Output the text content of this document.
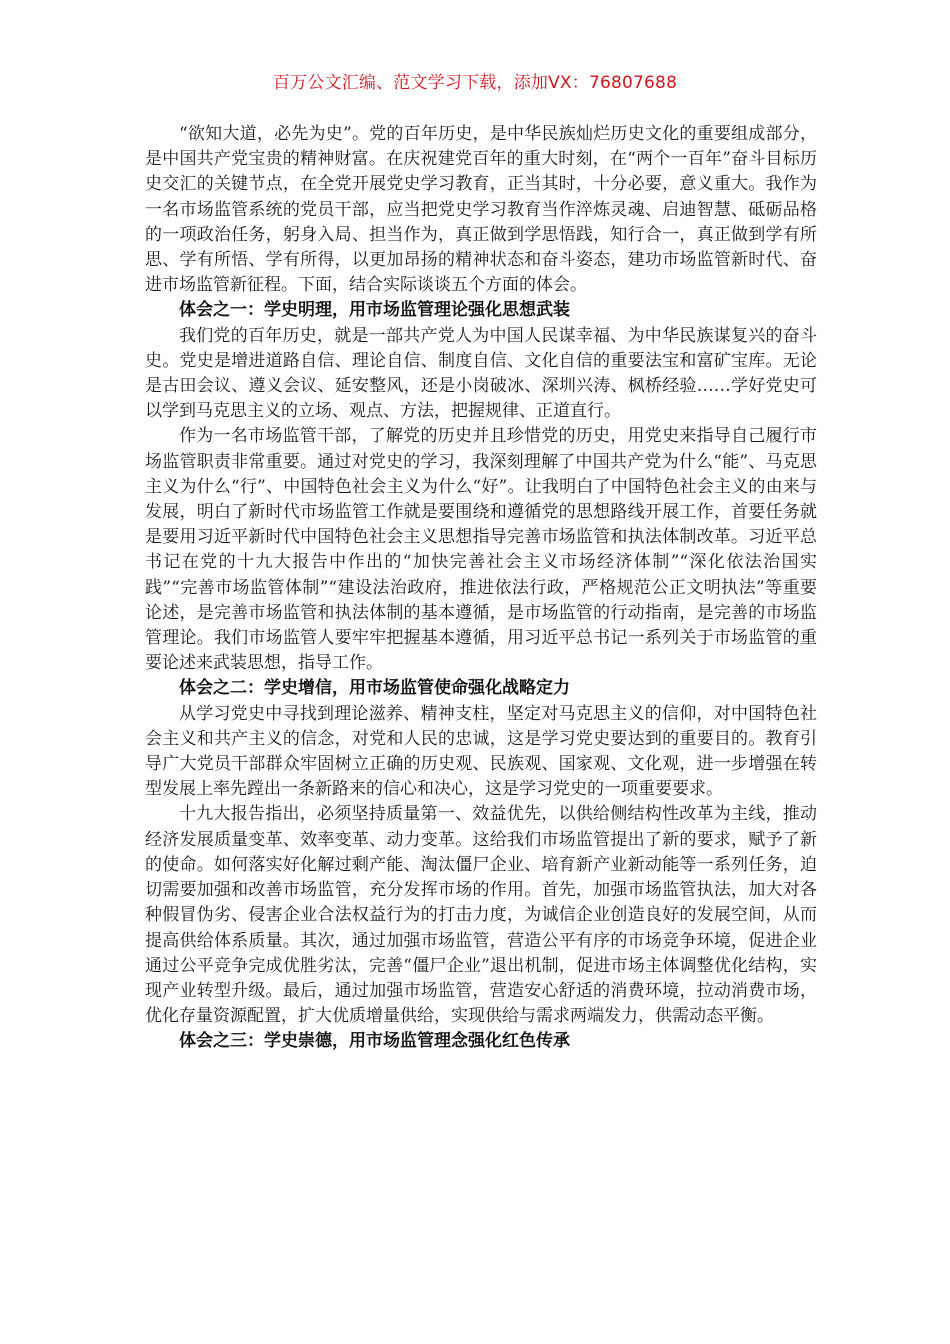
百万公文汇编、范文学习下载，添加VX：76807688

“欲知大道，必先为史”。党的百年历史，是中华民族灿烂历史文化的重要组成部分，是中国共产党宝贵的精神财富。在庆祝建党百年的重大时刻，在“两个一百年”奋斗目标历史交汇的关键节点，在全党开展党史学习教育，正当其时，十分必要，意义重大。我作为一名市场监管系统的党员干部，应当把党史学习教育当作淬炼灵魂、启迪智慧、砥砺品格的一项政治任务，躬身入局、担当作为，真正做到学思悟践，知行合一，真正做到学有所思、学有所悟、学有所得，以更加昂扬的精神状态和奋斗姿态，建功市场监管新时代、奋进市场监管新征程。下面，结合实际谈谈五个方面的体会。

体会之一：学史明理，用市场监管理论强化思想武装

我们党的百年历史，就是一部共产党人为中国人民谋幸福、为中华民族谋复兴的奋斗史。党史是增进道路自信、理论自信、制度自信、文化自信的重要法宝和富矿宝库。无论是古田会议、遵义会议、延安整风，还是小岗破冰、深圳兴涛、枫桥经验……学好党史可以学到马克思主义的立场、观点、方法，把握规律、正道直行。

作为一名市场监管干部，了解党的历史并且珍惜党的历史，用党史来指导自己履行市场监管职责非常重要。通过对党史的学习，我深刻理解了中国共产党为什么“能”、马克思主义为什么“行”、中国特色社会主义为什么“好”。让我明白了中国特色社会主义的由来与发展，明白了新时代市场监管工作就是要围绕和遵循党的思想路线开展工作，首要任务就是要用习近平新时代中国特色社会主义思想指导完善市场监管和执法体制改革。习近平总书记在党的十九大报告中作出的“加快完善社会主义市场经济体制”“深化依法治国实践”“完善市场监管体制”“建设法治政府，推进依法行政，严格规范公正文明执法”等重要论述，是完善市场监管和执法体制的基本遵循，是市场监管的行动指南，是完善的市场监管理论。我们市场监管人要牢牢把握基本遵循，用习近平总书记一系列关于市场监管的重要论述来武装思想，指导工作。

体会之二：学史增信，用市场监管使命强化战略定力

从学习党史中寻找到理论滋养、精神支柱，坚定对马克思主义的信仰，对中国特色社会主义和共产主义的信念，对党和人民的忠诚，这是学习党史要达到的重要目的。教育引导广大党员干部群众牢固树立正确的历史观、民族观、国家观、文化观，进一步增强在转型发展上率先蹚出一条新路来的信心和决心，这是学习党史的一项重要要求。

十九大报告指出，必须坚持质量第一、效益优先，以供给侧结构性改革为主线，推动经济发展质量变革、效率变革、动力变革。这给我们市场监管提出了新的要求，赋予了新的使命。如何落实好化解过剩产能、淘汰僵尸企业、培育新产业新动能等一系列任务，迫切需要加强和改善市场监管，充分发挥市场的作用。首先，加强市场监管执法，加大对各种假冒伪劣、侵害企业合法权益行为的打击力度，为诚信企业创造良好的发展空间，从而提高供给体系质量。其次，通过加强市场监管，营造公平有序的市场竞争环境，促进企业通过公平竞争完成优胜劣汰，完善“僵尸企业”退出机制，促进市场主体调整优化结构，实现产业转型升级。最后，通过加强市场监管，营造安心舒适的消费环境，拉动消费市场，优化存量资源配置，扩大优质增量供给，实现供给与需求两端发力，供需动态平衡。

体会之三：学史崇德，用市场监管理念强化红色传承
